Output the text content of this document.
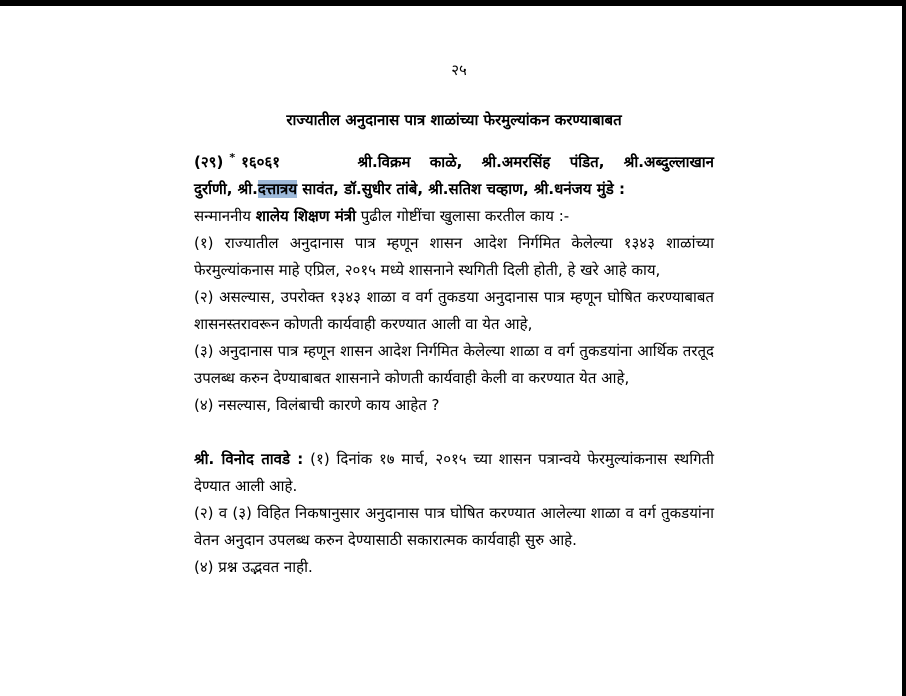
२५

राज्यातील अनुदानास पात्र शाळांच्या फेरमुल्यांकन करण्याबाबत

(२९) * १६०६१	श्री.विक्रम काळे, श्री.अमरसिंह पंडित, श्री.अब्दुल्लाखान

दुर्राणी, श्री.दत्तात्रय सावंत, डॉ.सुधीर तांबे, श्री.सतिश चव्हाण, श्री.धनंजय मुंडे :

सन्माननीय शालेय शिक्षण मंत्री पुढील गोष्टींचा खुलासा करतील काय :-

(१) राज्यातील अनुदानास पात्र म्हणून शासन आदेश निर्गमित केलेल्या १३४३ शाळांच्या फेरमुल्यांकनास माहे एप्रिल, २०१५ मध्ये शासनाने स्थगिती दिली होती, हे खरे आहे काय,

(२) असल्यास, उपरोक्त १३४३ शाळा व वर्ग तुकडया अनुदानास पात्र म्हणून घोषित करण्याबाबत शासनस्तरावरून कोणती कार्यवाही करण्यात आली वा येत आहे,

(३) अनुदानास पात्र म्हणून शासन आदेश निर्गमित केलेल्या शाळा व वर्ग तुकडयांना आर्थिक तरतूद उपलब्ध करुन देण्याबाबत शासनाने कोणती कार्यवाही केली वा करण्यात येत आहे,

(४) नसल्यास, विलंबाची कारणे काय आहेत ?

श्री. विनोद तावडे : (१) दिनांक १७ मार्च, २०१५ च्या शासन पत्रान्वये फेरमुल्यांकनास स्थगिती देण्यात आली आहे.

(२) व (३) विहित निकषानुसार अनुदानास पात्र घोषित करण्यात आलेल्या शाळा व वर्ग तुकडयांना वेतन अनुदान उपलब्ध करुन देण्यासाठी सकारात्मक कार्यवाही सुरु आहे.

(४) प्रश्न उद्भवत नाही.
